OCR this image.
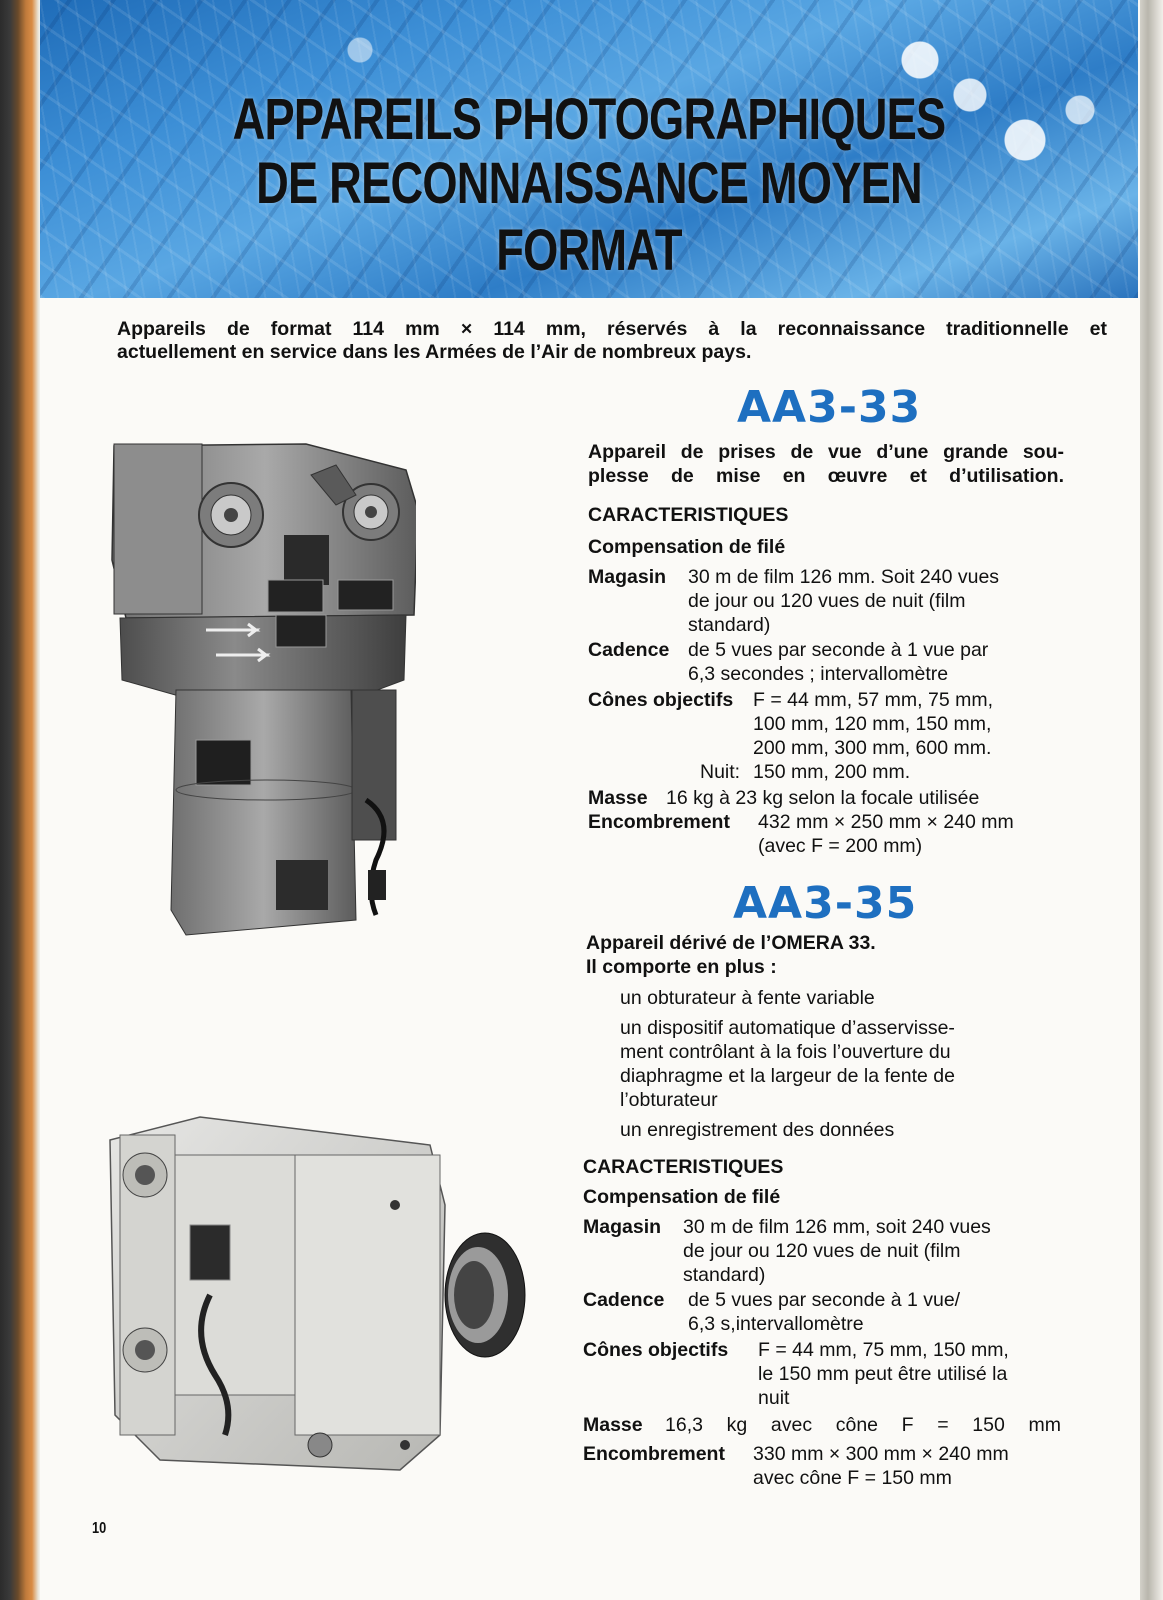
APPAREILS PHOTOGRAPHIQUES
DE RECONNAISSANCE MOYEN FORMAT
Appareils de format 114 mm × 114 mm, réservés à la reconnaissance traditionnelle et
actuellement en service dans les Armées de l’Air de nombreux pays.
AA3-33
Appareil de prises de vue d’une grande sou-
plesse de mise en œuvre et d’utilisation.
CARACTERISTIQUES
Compensation de filé
Magasin 30 m de film 126 mm. Soit 240 vues
de jour ou 120 vues de nuit (film
standard)
Cadence de 5 vues par seconde à 1 vue par
6,3 secondes ; intervallomètre
Cônes objectifs F = 44 mm, 57 mm, 75 mm,
100 mm, 120 mm, 150 mm,
200 mm, 300 mm, 600 mm.
Nuit: 150 mm, 200 mm.
Masse 16 kg à 23 kg selon la focale utilisée
Encombrement 432 mm × 250 mm × 240 mm
(avec F = 200 mm)
AA3-35
Appareil dérivé de l’OMERA 33.
Il comporte en plus :
un obturateur à fente variable
un dispositif automatique d’asservisse-
ment contrôlant à la fois l’ouverture du
diaphragme et la largeur de la fente de
l’obturateur
un enregistrement des données
CARACTERISTIQUES
Compensation de filé
Magasin 30 m de film 126 mm, soit 240 vues
de jour ou 120 vues de nuit (film
standard)
Cadence de 5 vues par seconde à 1 vue/
6,3 s,intervallomètre
Cônes objectifs F = 44 mm, 75 mm, 150 mm,
le 150 mm peut être utilisé la
nuit
Masse 16,3 kg avec cône F = 150 mm
Encombrement 330 mm × 300 mm × 240 mm
avec cône F = 150 mm
10
